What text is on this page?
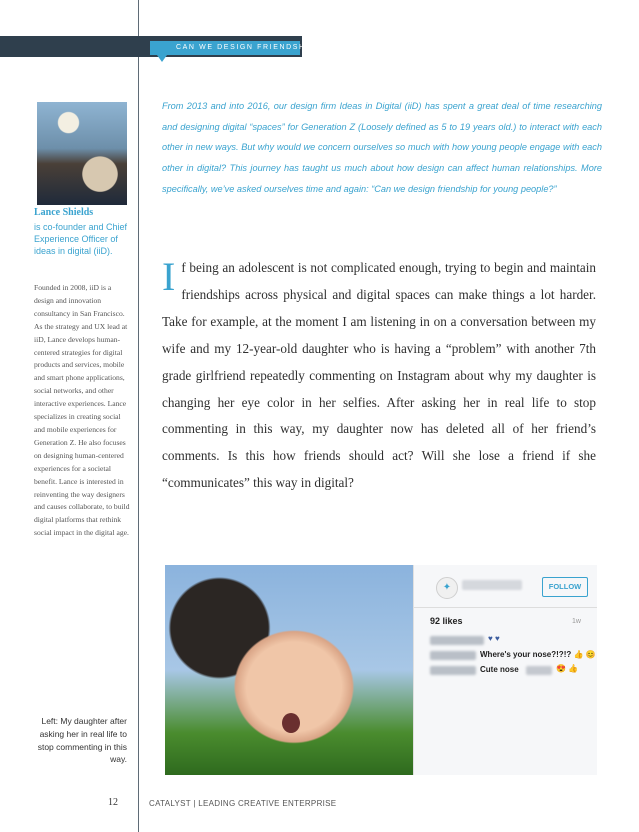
CAN WE DESIGN FRIENDSHIP?
Lance Shields
is co-founder and Chief Experience Officer of ideas in digital (iiD).
Founded in 2008, iiD is a design and innovation consultancy in San Francisco. As the strategy and UX lead at iiD, Lance develops human-centered strategies for digital products and services, mobile and smart phone applications, social networks, and other interactive experiences. Lance specializes in creating social and mobile experiences for Generation Z. He also focuses on designing human-centered experiences for a societal benefit. Lance is interested in reinventing the way designers and causes collaborate, to build digital platforms that rethink social impact in the digital age.
From 2013 and into 2016, our design firm Ideas in Digital (iiD) has spent a great deal of time researching and designing digital “spaces” for Generation Z (Loosely defined as 5 to 19 years old.) to interact with each other in new ways. But why would we concern ourselves so much with how young people engage with each other in digital? This journey has taught us much about how design can affect human relationships. More specifically, we’ve asked ourselves time and again: “Can we design friendship for young people?”
If being an adolescent is not complicated enough, trying to begin and maintain friendships across physical and digital spaces can make things a lot harder. Take for example, at the moment I am listening in on a conversation between my wife and my 12-year-old daughter who is having a “problem” with another 7th grade girlfriend repeatedly commenting on Instagram about why my daughter is changing her eye color in her selfies. After asking her in real life to stop commenting in this way, my daughter now has deleted all of her friend’s comments. Is this how friends should act? Will she lose a friend if she “communicates” this way in digital?
✦	FOLLOW
92 likes	1w
♥ ♥
Where's your nose?!?!? 👍 😊
Cute nose	😍 👍
Left: My daughter after asking her in real life to stop commenting in this way.
12	CATALYST | LEADING CREATIVE ENTERPRISE
